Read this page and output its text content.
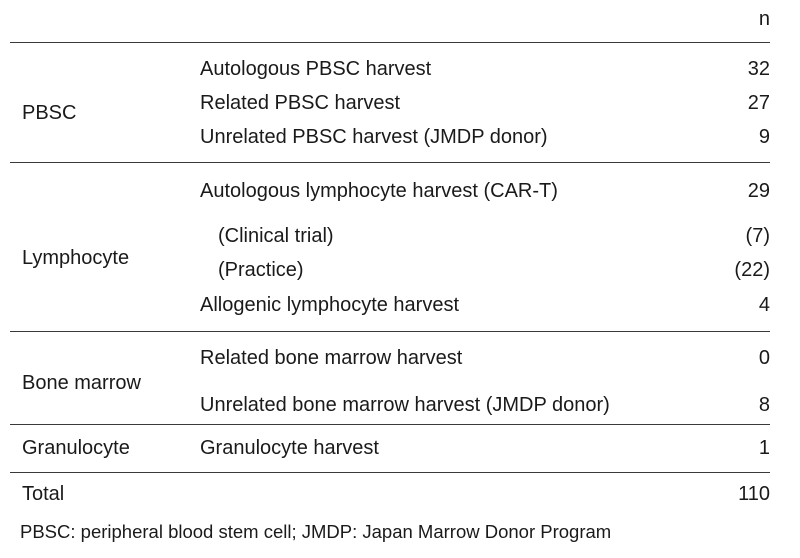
n
PBSC
Autologous PBSC harvest	32
Related PBSC harvest	27
Unrelated PBSC harvest (JMDP donor)	9
Lymphocyte
Autologous lymphocyte harvest (CAR-T)	29
(Clinical trial)	(7)
(Practice)	(22)
Allogenic lymphocyte harvest	4
Bone marrow
Related bone marrow harvest	0
Unrelated bone marrow harvest (JMDP donor)	8
Granulocyte	Granulocyte harvest	1
Total	110
PBSC: peripheral blood stem cell; JMDP: Japan Marrow Donor Program
